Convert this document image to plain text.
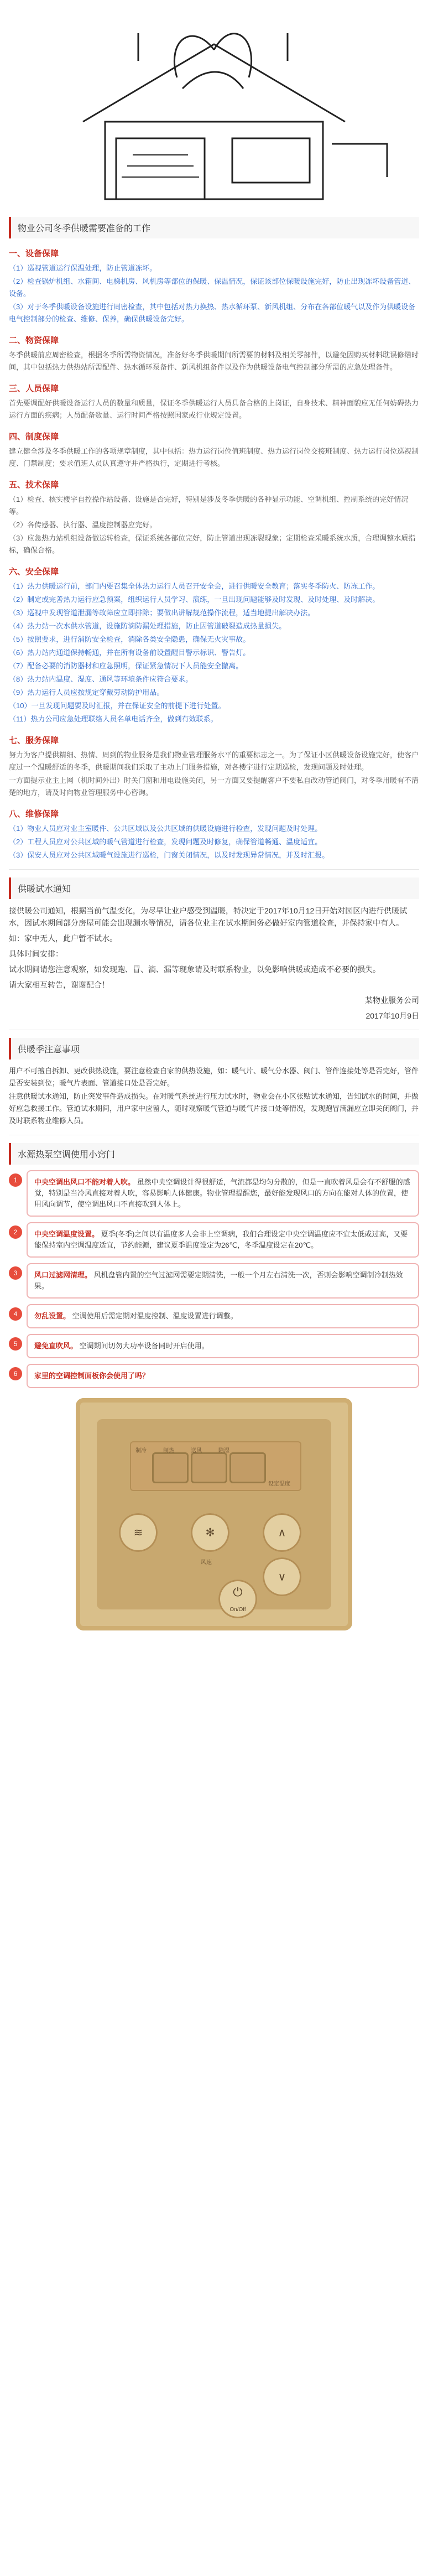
物业公司冬季供暖需要准备的工作
一、设备保障
（1）巡视管道运行保温处理，防止管道冻坏。
（2）检查锅炉机组、水箱间、电梯机房、风机房等部位的保暖、保温情况，保证该部位保暖设施完好，防止出现冻坏设备管道、设备。
（3）对于冬季供暖设备设施进行周密检查，其中包括对热力换热、热水循环泵、新风机组、分布在各部位暖气以及作为供暖设备电气控制部分的检查、维修、保养，确保供暖设备完好。
二、物资保障
冬季供暖前应周密检查，根据冬季所需物资情况，准备好冬季供暖期间所需要的材料及相关零部件，以避免因购买材料耽误修缮时间，其中包括热力供热站所需配件、热水循环泵备件、新风机组备件以及作为供暖设备电气控制部分所需的应急处理备件。
三、人员保障
首先要调配好供暖设备运行人员的数量和质量，保证冬季供暖运行人员具备合格的上岗证，自身技术、精神面貌应无任何妨碍热力运行方面的疾病；人员配备数量、运行时间严格按照国家或行业规定设置。
四、制度保障
建立健全涉及冬季供暖工作的各项规章制度，其中包括：热力运行岗位值班制度、热力运行岗位交接班制度、热力运行岗位巡视制度、门禁制度；要求值班人员认真遵守并严格执行，定期进行考核。
五、技术保障
（1）检查、核实楼宇自控操作站设备、设施是否完好，特别是涉及冬季供暖的各种显示功能、空调机组、控制系统的完好情况等。
（2）各传感器、执行器、温度控制器应完好。
（3）应急热力站机组设备做运转检查，保证系统各部位完好，防止管道出现冻裂现象；定期检查采暖系统水质，合理调整水质指标，确保合格。
六、安全保障
（1）热力供暖运行前，部门内要召集全体热力运行人员召开安全会，进行供暖安全教育；落实冬季防火、防冻工作。
（2）制定或完善热力运行应急预案，组织运行人员学习、演练，一旦出现问题能够及时发现、及时处理、及时解决。
（3）巡视中发现管道泄漏等故障应立即排除；要做出讲解规范操作流程，适当地提出解决办法。
（4）热力站一次水供水管道，设施防滴防漏处理措施，防止因管道破裂造成热量损失。
（5）按照要求，进行消防安全检查，消除各类安全隐患，确保无火灾事故。
（6）热力站内通道保持畅通，并在所有设备前设置醒目警示标识、警告灯。
（7）配备必要的消防器材和应急照明，保证紧急情况下人员能安全撤离。
（8）热力站内温度、湿度、通风等环境条件应符合要求。
（9）热力运行人员应按规定穿戴劳动防护用品。
（10）一旦发现问题要及时汇报，并在保证安全的前提下进行处置。
（11）热力公司应急处理联络人员名单电话齐全，做到有效联系。
七、服务保障
努力为客户提供精细、热情、周到的物业服务是我们物业管理服务水平的重要标志之一。为了保证小区供暖设备设施完好，使客户度过一个温暖舒适的冬季，供暖期间我们采取了主动上门服务措施，对各楼宇进行定期巡检，发现问题及时处理。
一方面提示业主上网（机时间外出）时关门窗和用电设施关闭，另一方面又要提醒客户不要私自改动管道阀门，对冬季用暖有不清楚的地方，请及时向物业管理服务中心咨询。
八、维修保障
（1）物业人员应对业主室暖件、公共区域以及公共区域的供暖设施进行检查，发现问题及时处理。
（2）工程人员应对公共区域的暖气管道进行检查，发现问题及时修复，确保管道畅通、温度适宜。
（3）保安人员应对公共区域暖气设施进行巡检，门窗关闭情况，以及时发现异常情况，并及时汇报。
供暖试水通知

接供暖公司通知，根据当前气温变化，为尽早让业户感受到温暖，特决定于2017年10月12日开始对园区内进行供暖试水，因试水期间部分房屋可能会出现漏水等情况，请各位业主在试水期间务必做好室内管道检查，并保持家中有人。

如：家中无人，此户暂不试水。

具体时间安排：

试水期间请您注意观察，如发现跑、冒、滴、漏等现象请及时联系物业，以免影响供暖或造成不必要的损失。

请大家相互转告，谢谢配合！

某物业服务公司

2017年10月9日

供暖季注意事项
用户不可擅自拆卸、更改供热设施，要注意检查自家的供热设施，如：暖气片、暖气分水器、阀门、管件连接处等是否完好，管件是否安装到位；暖气片表面、管道接口处是否完好。
注意供暖试水通知，防止突发事件造成损失。在对暖气系统进行压力试水时，物业会在小区张贴试水通知，告知试水的时间，并做好应急救援工作。管道试水期间，用户家中应留人，随时观察暖气管道与暖气片接口处等情况，发现跑冒滴漏应立即关闭阀门，并及时联系物业维修人员。
水源热泵空调使用小窍门
1	中央空调出风口不能对着人吹。 虽然中央空调设计得很舒适，气流都是均匀分散的，但是一直吹着风是会有不舒服的感觉，特别是当冷风直接对着人吹，容易影响人体健康。物业管理提醒您，最好能发现风口的方向在能对人体的位置，使用风向调节，使空调出风口不直接吹到人体上。
2	中央空调温度设置。 夏季(冬季)之间以有温度多人会非上空调病，我们合理设定中央空调温度应不宜太低或过高，又要能保持室内空调温度适宜，节约能源，建议夏季温度设定为26℃，冬季温度设定在20℃。
3	风口过滤网清理。 风机盘管内置的空气过滤网需要定期清洗，一般一个月左右清洗一次，否则会影响空调制冷制热效果。
4	勿乱设置。 空调使用后需定期对温度控制、温度设置进行调整。
5	避免直吹风。 空调期间切勿大功率设备同时开启使用。
6	家里的空调控制面板你会使用了吗？
制冷	制热	送风	除湿
设定温度
≋	✻	∧
∨
风速
⏻
On/Off
